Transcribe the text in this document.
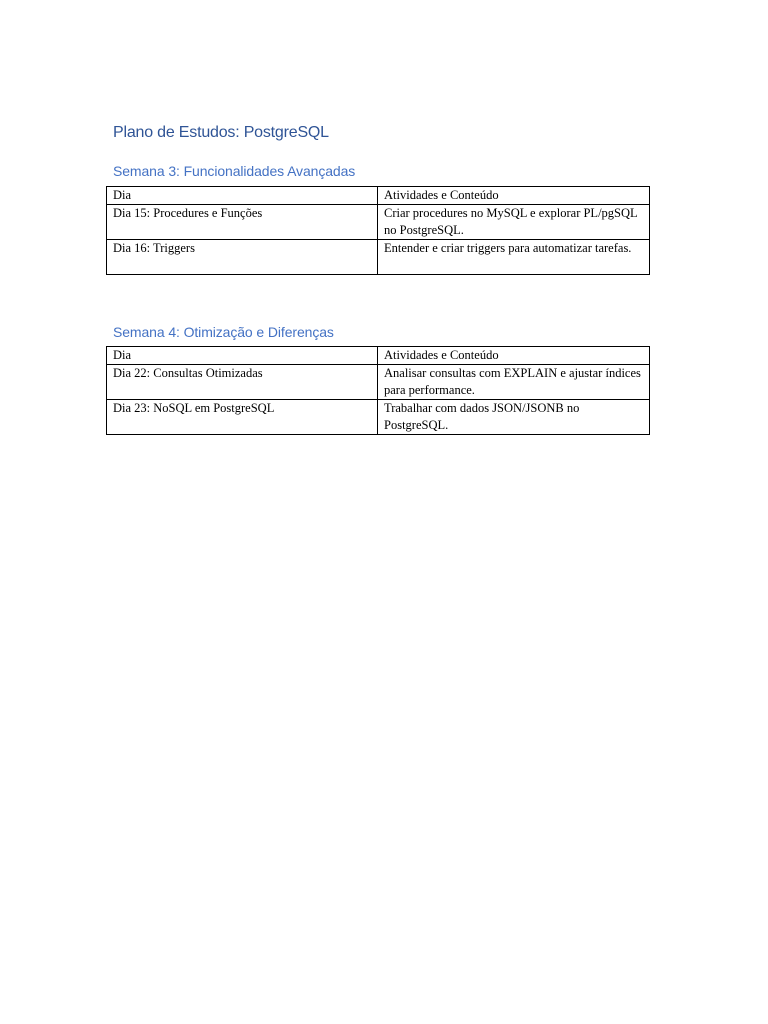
Plano de Estudos: PostgreSQL
Semana 3: Funcionalidades Avançadas
Dia	Atividades e Conteúdo
Dia 15: Procedures e Funções	Criar procedures no MySQL e explorar PL/pgSQL no PostgreSQL.
Dia 16: Triggers	Entender e criar triggers para automatizar tarefas.
Semana 4: Otimização e Diferenças
Dia	Atividades e Conteúdo
Dia 22: Consultas Otimizadas	Analisar consultas com EXPLAIN e ajustar índices para performance.
Dia 23: NoSQL em PostgreSQL	Trabalhar com dados JSON/JSONB no PostgreSQL.
